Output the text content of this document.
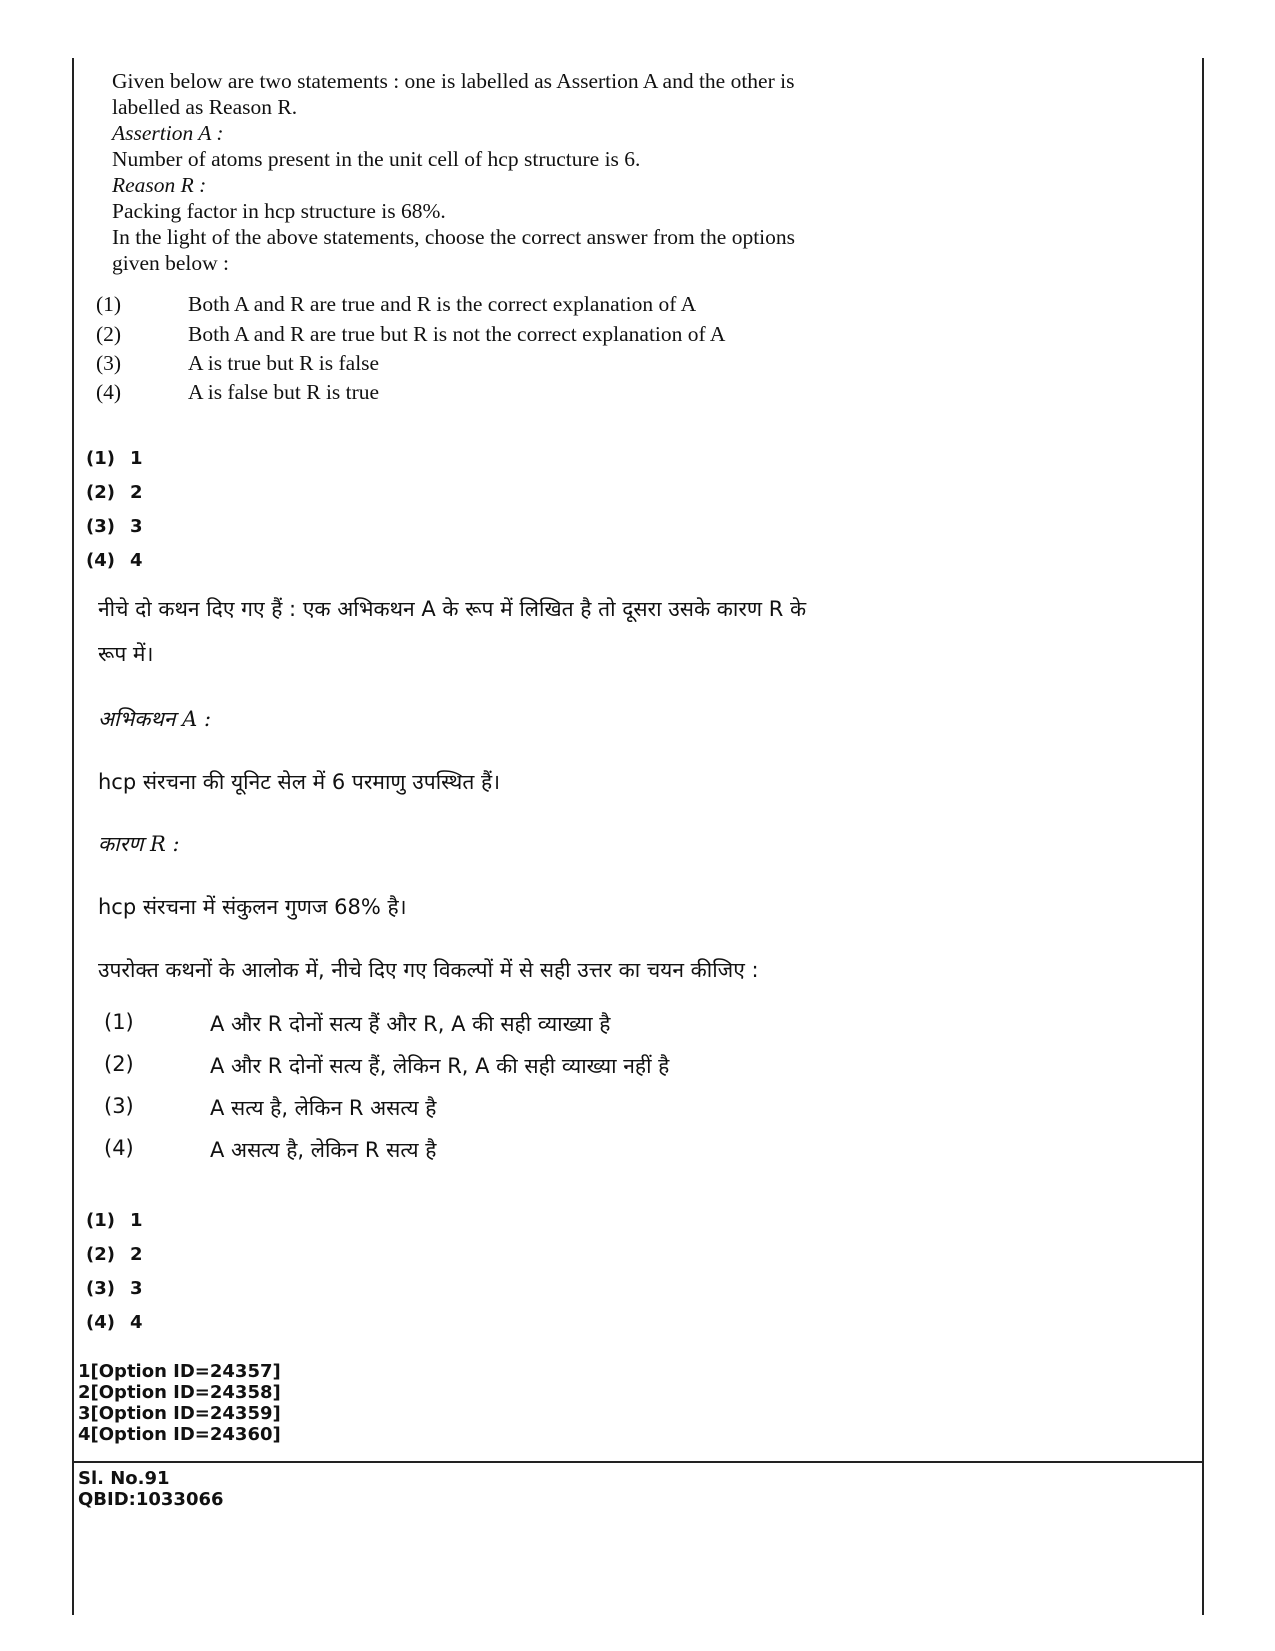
Given below are two statements : one is labelled as Assertion A and the other is

labelled as Reason R.

Assertion A :

Number of atoms present in the unit cell of hcp structure is 6.

Reason R :

Packing factor in hcp structure is 68%.

In the light of the above statements, choose the correct answer from the options

given below :

(1)	Both A and R are true and R is the correct explanation of A
(2)	Both A and R are true but R is not the correct explanation of A
(3)	A is true but R is false
(4)	A is false but R is true
(1) 1
(2) 2
(3) 3
(4) 4
नीचे दो कथन दिए गए हैं : एक अभिकथन A के रूप में लिखित है तो दूसरा उसके कारण R के
रूप में।
अभिकथन A :
hcp संरचना की यूनिट सेल में 6 परमाणु उपस्थित हैं।
कारण R :
hcp संरचना में संकुलन गुणज 68% है।
उपरोक्त कथनों के आलोक में, नीचे दिए गए विकल्पों में से सही उत्तर का चयन कीजिए :
(1)	A और R दोनों सत्य हैं और R, A की सही व्याख्या है
(2)	A और R दोनों सत्य हैं, लेकिन R, A की सही व्याख्या नहीं है
(3)	A सत्य है, लेकिन R असत्य है
(4)	A असत्य है, लेकिन R सत्य है
(1) 1
(2) 2
(3) 3
(4) 4
1[Option ID=24357]
2[Option ID=24358]
3[Option ID=24359]
4[Option ID=24360]
Sl. No.91
QBID:1033066
